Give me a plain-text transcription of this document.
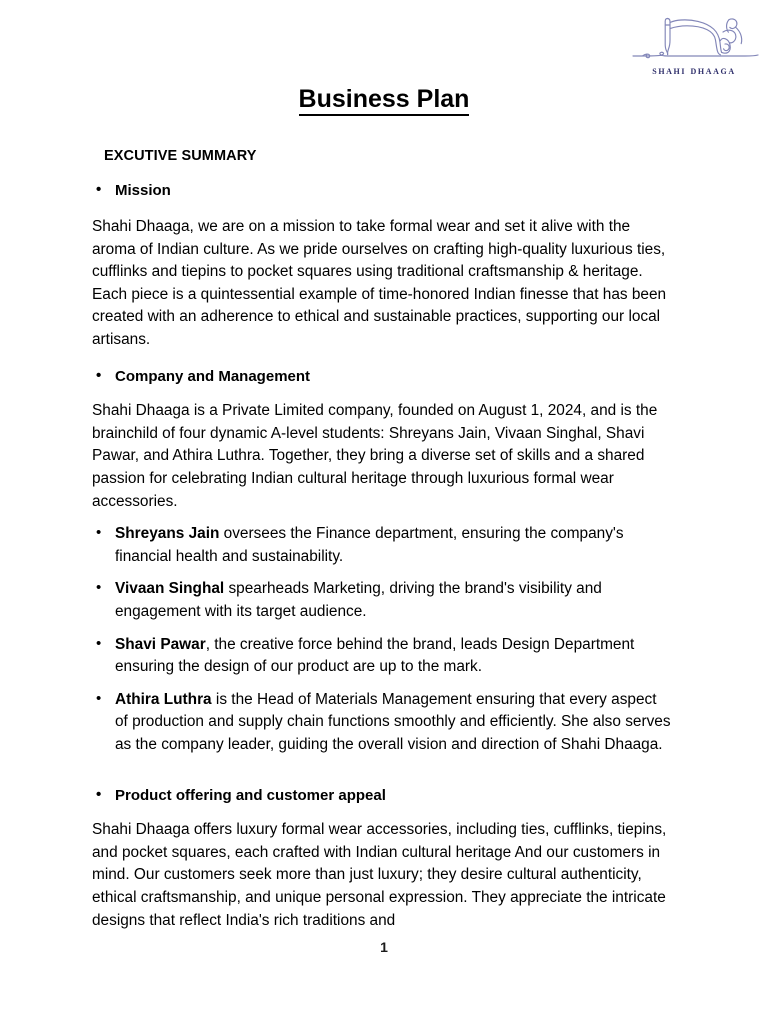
shahi dhaaga
Business Plan
EXCUTIVE SUMMARY
• Mission

Shahi Dhaaga, we are on a mission to take formal wear and set it alive with the aroma of Indian culture. As we pride ourselves on crafting high-quality luxurious ties, cufflinks and tiepins to pocket squares using traditional craftsmanship & heritage. Each piece is a quintessential example of time-honored Indian finesse that has been created with an adherence to ethical and sustainable practices, supporting our local artisans.

• Company and Management

Shahi Dhaaga is a Private Limited company, founded on August 1, 2024, and is the brainchild of four dynamic A-level students: Shreyans Jain, Vivaan Singhal, Shavi Pawar, and Athira Luthra. Together, they bring a diverse set of skills and a shared passion for celebrating Indian cultural heritage through luxurious formal wear accessories.

• Shreyans Jain oversees the Finance department, ensuring the company's financial health and sustainability.
• Vivaan Singhal spearheads Marketing, driving the brand's visibility and engagement with its target audience.
• Shavi Pawar, the creative force behind the brand, leads Design Department ensuring the design of our product are up to the mark.
• Athira Luthra is the Head of Materials Management ensuring that every aspect of production and supply chain functions smoothly and efficiently. She also serves as the company leader, guiding the overall vision and direction of Shahi Dhaaga.
• Product offering and customer appeal

Shahi Dhaaga offers luxury formal wear accessories, including ties, cufflinks, tiepins, and pocket squares, each crafted with Indian cultural heritage And our customers in mind. Our customers seek more than just luxury; they desire cultural authenticity, ethical craftsmanship, and unique personal expression. They appreciate the intricate designs that reflect India's rich traditions and

1
